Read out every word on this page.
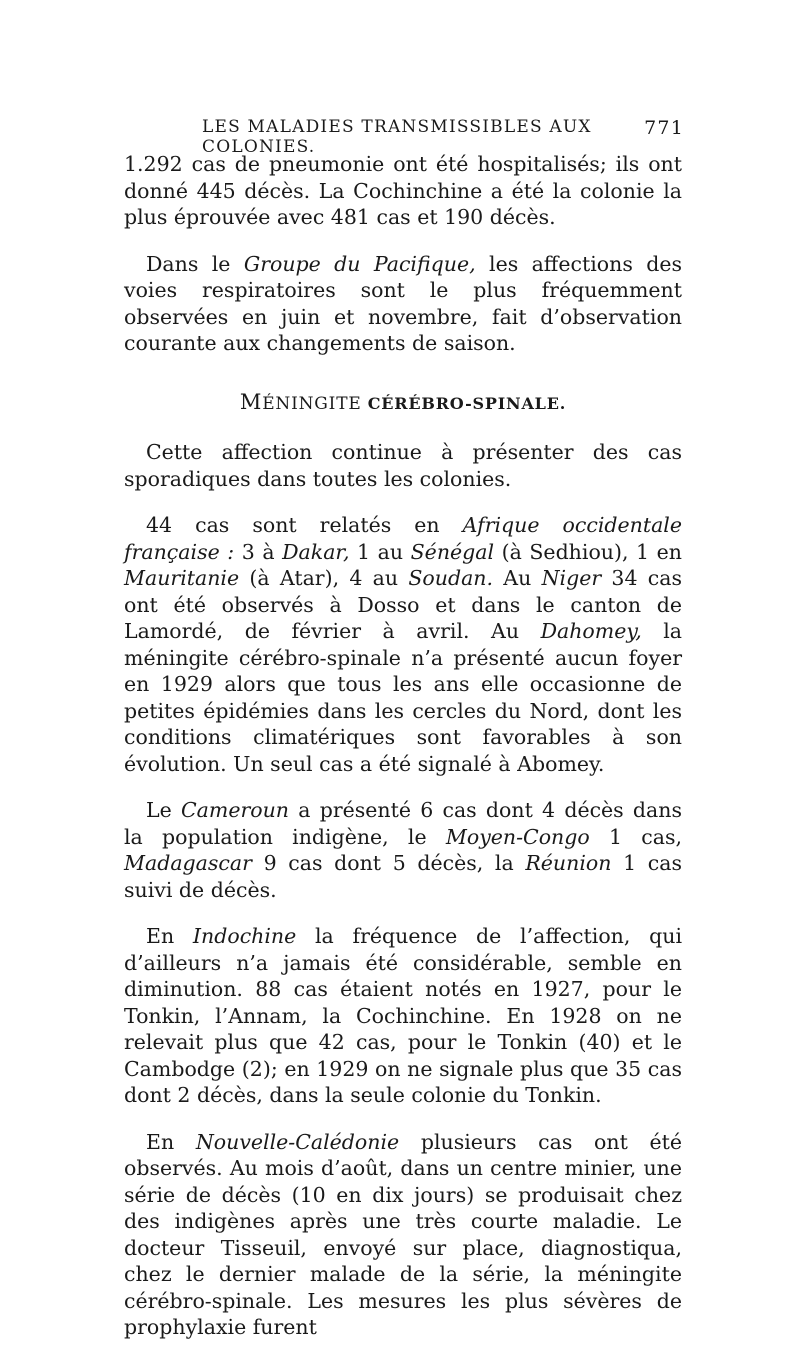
LES MALADIES TRANSMISSIBLES AUX COLONIES.
771

1.292 cas de pneumonie ont été hospitalisés; ils ont donné 445 décès. La Cochinchine a été la colonie la plus éprouvée avec 481 cas et 190 décès.

Dans le Groupe du Pacifique, les affections des voies respiratoires sont le plus fréquemment observées en juin et novembre, fait d’observation courante aux changements de saison.

MÉNINGITE CÉRÉBRO-SPINALE.

Cette affection continue à présenter des cas sporadiques dans toutes les colonies.

44 cas sont relatés en Afrique occidentale française : 3 à Dakar, 1 au Sénégal (à Sedhiou), 1 en Mauritanie (à Atar), 4 au Soudan. Au Niger 34 cas ont été observés à Dosso et dans le canton de Lamordé, de février à avril. Au Dahomey, la méningite cérébro-spinale n’a présenté aucun foyer en 1929 alors que tous les ans elle occasionne de petites épidémies dans les cercles du Nord, dont les conditions climatériques sont favorables à son évolution. Un seul cas a été signalé à Abomey.

Le Cameroun a présenté 6 cas dont 4 décès dans la population indigène, le Moyen-Congo 1 cas, Madagascar 9 cas dont 5 décès, la Réunion 1 cas suivi de décès.

En Indochine la fréquence de l’affection, qui d’ailleurs n’a jamais été considérable, semble en diminution. 88 cas étaient notés en 1927, pour le Tonkin, l’Annam, la Cochinchine. En 1928 on ne relevait plus que 42 cas, pour le Tonkin (40) et le Cambodge (2); en 1929 on ne signale plus que 35 cas dont 2 décès, dans la seule colonie du Tonkin.

En Nouvelle-Calédonie plusieurs cas ont été observés. Au mois d’août, dans un centre minier, une série de décès (10 en dix jours) se produisait chez des indigènes après une très courte maladie. Le docteur Tisseuil, envoyé sur place, diagnostiqua, chez le dernier malade de la série, la méningite cérébro-spinale. Les mesures les plus sévères de prophylaxie furent
